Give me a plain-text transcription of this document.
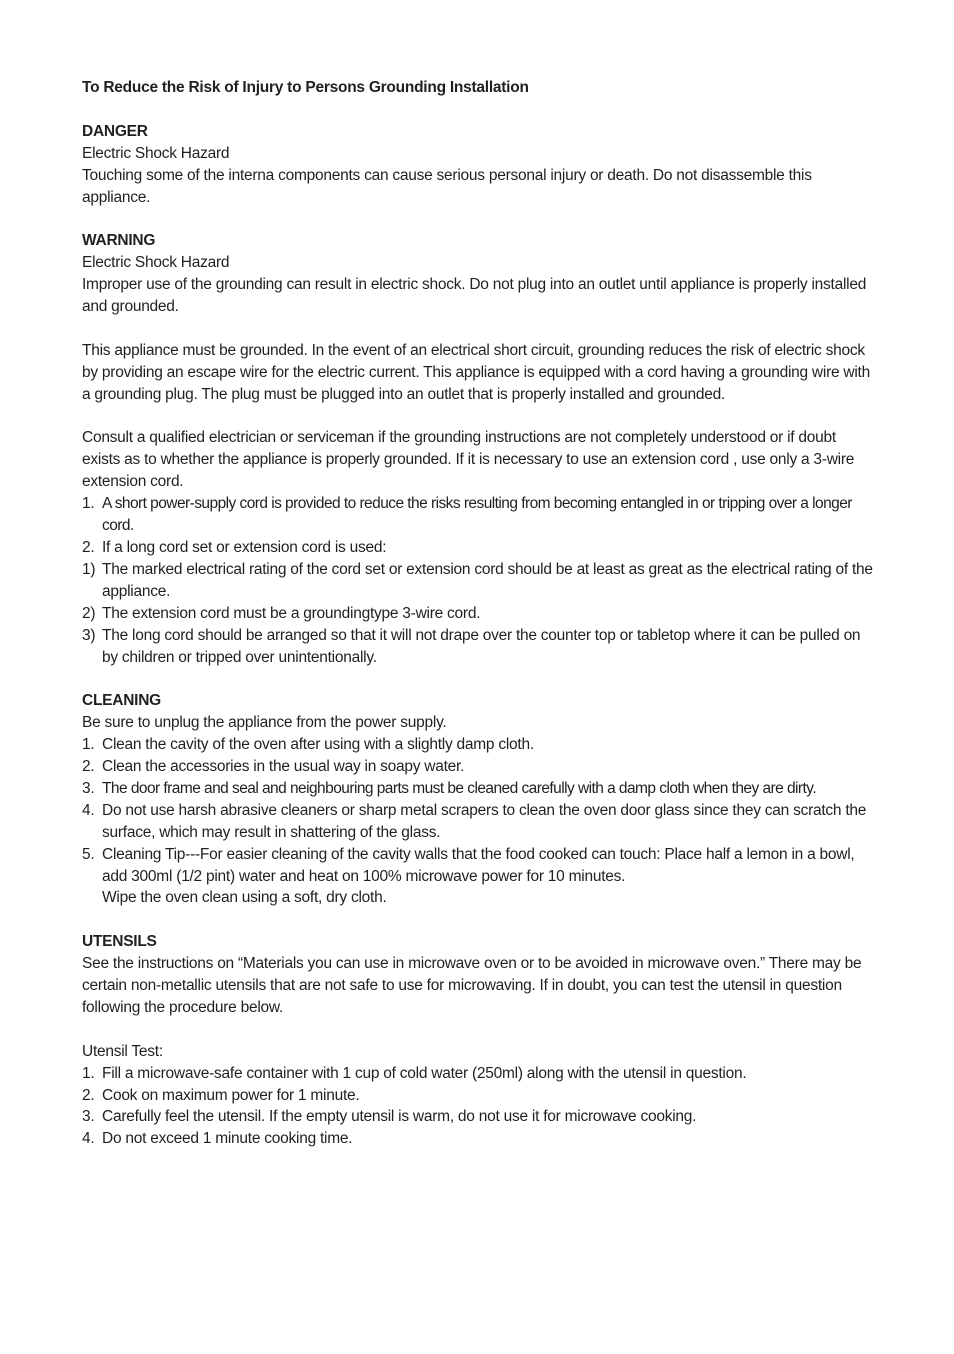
To Reduce the Risk of Injury to Persons Grounding Installation

DANGER

Electric Shock Hazard

Touching some of the interna components can cause serious personal injury or death. Do not disassemble this appliance.

WARNING

Electric Shock Hazard

Improper use of the grounding can result in electric shock. Do not plug into an outlet until appliance is properly installed and grounded.

This appliance must be grounded. In the event of an electrical short circuit, grounding reduces the risk of electric shock by providing an escape wire for the electric current. This appliance is equipped with a cord having a grounding wire with a grounding plug. The plug must be plugged into an outlet that is properly installed and grounded.

Consult a qualified electrician or serviceman if the grounding instructions are not completely understood or if doubt exists as to whether the appliance is properly grounded. If it is necessary to use an extension cord , use only a 3-wire extension cord.

1. A short power-supply cord is provided to reduce the risks resulting from becoming entangled in or tripping over a longer cord.
2. If a long cord set or extension cord is used:
1) The marked electrical rating of the cord set or extension cord should be at least as great as the electrical rating of the appliance.
2) The extension cord must be a groundingtype 3-wire cord.
3) The long cord should be arranged so that it will not drape over the counter top or tabletop where it can be pulled on by children or tripped over unintentionally.

CLEANING

Be sure to unplug the appliance from the power supply.

1. Clean the cavity of the oven after using with a slightly damp cloth.
2. Clean the accessories in the usual way in soapy water.
3. The door frame and seal and neighbouring parts must be cleaned carefully with a damp cloth when they are dirty.
4. Do not use harsh abrasive cleaners or sharp metal scrapers to clean the oven door glass since they can scratch the surface, which may result in shattering of the glass.
5. Cleaning Tip---For easier cleaning of the cavity walls that the food cooked can touch: Place half a lemon in a bowl, add 300ml (1/2 pint) water and heat on 100% microwave power for 10 minutes.
Wipe the oven clean using a soft, dry cloth.

UTENSILS

See the instructions on “Materials you can use in microwave oven or to be avoided in microwave oven.” There may be certain non-metallic utensils that are not safe to use for microwaving. If in doubt, you can test the utensil in question following the procedure below.

Utensil Test:

1. Fill a microwave-safe container with 1 cup of cold water (250ml) along with the utensil in question.
2. Cook on maximum power for 1 minute.
3. Carefully feel the utensil. If the empty utensil is warm, do not use it for microwave cooking.
4. Do not exceed 1 minute cooking time.
